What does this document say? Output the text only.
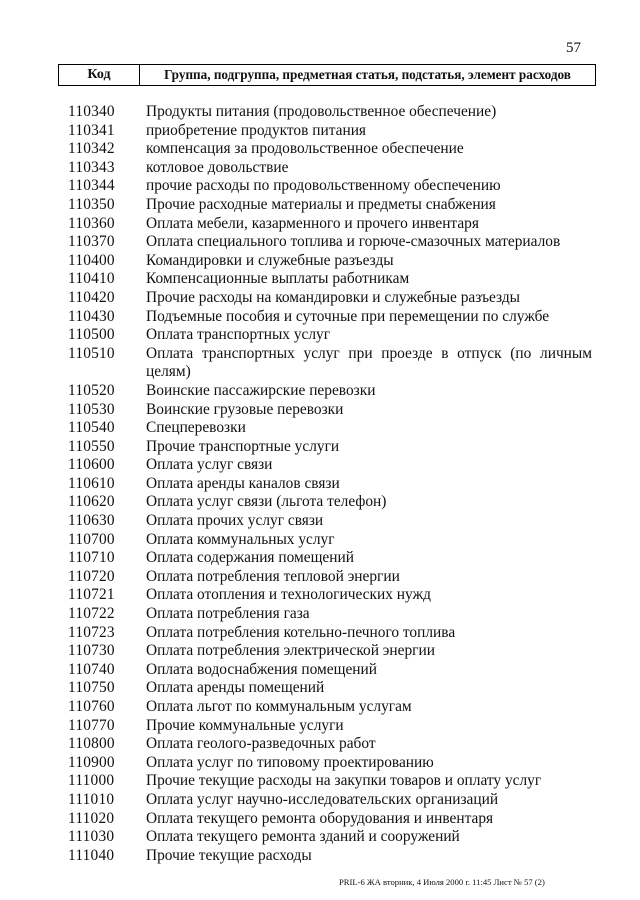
57
Код	Группа, подгруппа, предметная статья, подстатья, элемент расходов
110340	Продукты питания (продовольственное обеспечение)
110341	приобретение продуктов питания
110342	компенсация за продовольственное обеспечение
110343	котловое довольствие
110344	прочие расходы по продовольственному обеспечению
110350	Прочие расходные материалы и предметы снабжения
110360	Оплата мебели, казарменного и прочего инвентаря
110370	Оплата специального топлива и горюче-смазочных материалов
110400	Командировки и служебные разъезды
110410	Компенсационные выплаты работникам
110420	Прочие расходы на командировки и служебные разъезды
110430	Подъемные пособия и суточные при перемещении по службе
110500	Оплата транспортных услуг
110510	Оплата транспортных услуг при проезде в отпуск (по личным целям)
110520	Воинские пассажирские перевозки
110530	Воинские грузовые перевозки
110540	Спецперевозки
110550	Прочие транспортные услуги
110600	Оплата услуг связи
110610	Оплата аренды каналов связи
110620	Оплата услуг связи (льгота телефон)
110630	Оплата прочих услуг связи
110700	Оплата коммунальных услуг
110710	Оплата содержания помещений
110720	Оплата потребления тепловой энергии
110721	Оплата отопления и технологических нужд
110722	Оплата потребления газа
110723	Оплата потребления котельно-печного топлива
110730	Оплата потребления электрической энергии
110740	Оплата водоснабжения помещений
110750	Оплата аренды помещений
110760	Оплата льгот по коммунальным услугам
110770	Прочие коммунальные услуги
110800	Оплата геолого-разведочных работ
110900	Оплата услуг по типовому проектированию
111000	Прочие текущие расходы на закупки товаров и оплату услуг
111010	Оплата услуг научно-исследовательских организаций
111020	Оплата текущего ремонта оборудования и инвентаря
111030	Оплата текущего ремонта зданий и сооружений
111040	Прочие текущие расходы
PRIL-6 ЖА вторник, 4 Июля 2000 г. 11:45 Лист № 57 (2)
